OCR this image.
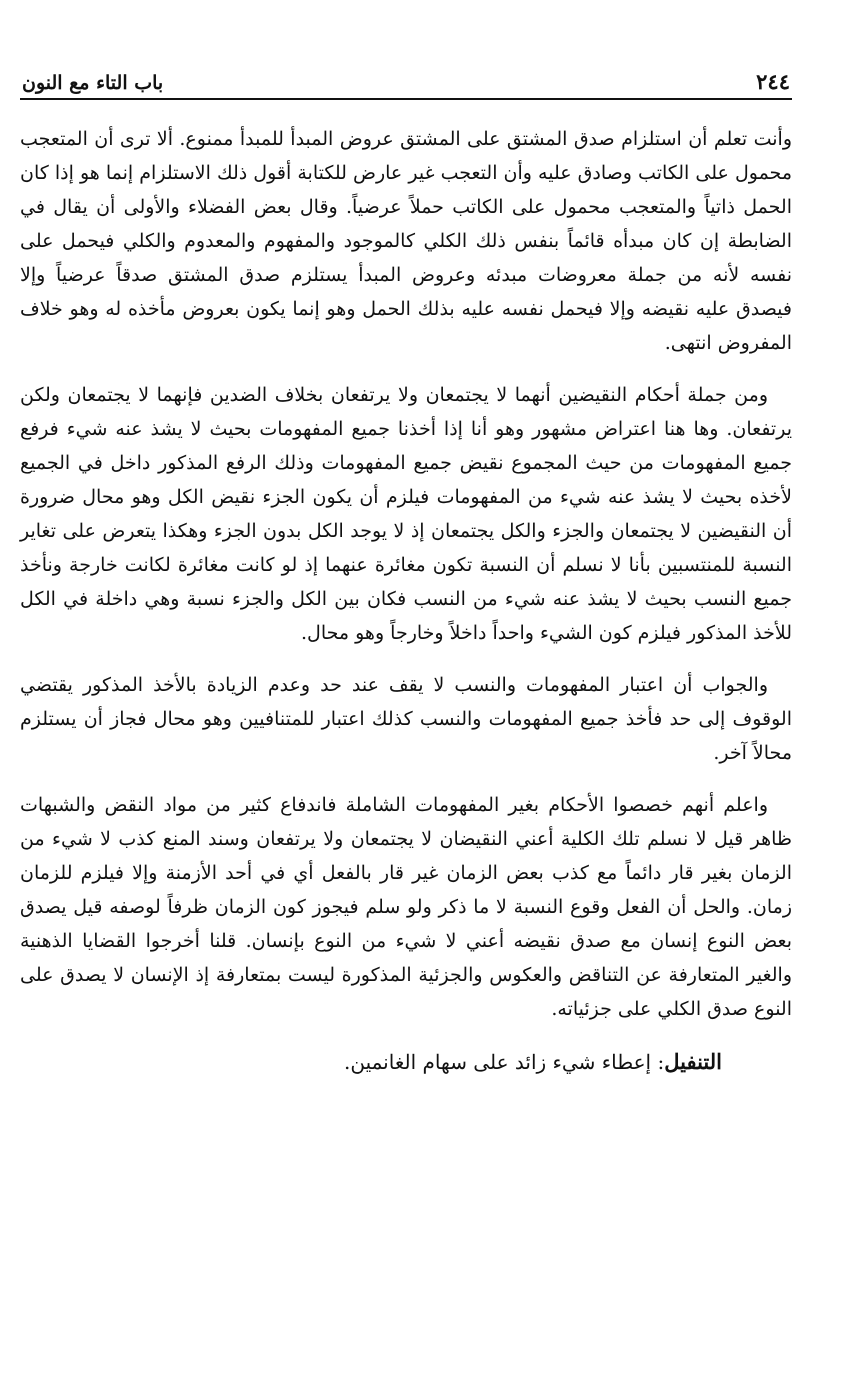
٢٤٤
باب التاء مع النون

وأنت تعلم أن استلزام صدق المشتق على المشتق عروض المبدأ للمبدأ ممنوع. ألا ترى أن المتعجب محمول على الكاتب وصادق عليه وأن التعجب غير عارض للكتابة أقول ذلك الاستلزام إنما هو إذا كان الحمل ذاتياً والمتعجب محمول على الكاتب حملاً عرضياً. وقال بعض الفضلاء والأولى أن يقال في الضابطة إن كان مبدأه قائماً بنفس ذلك الكلي كالموجود والمفهوم والمعدوم والكلي فيحمل على نفسه لأنه من جملة معروضات مبدئه وعروض المبدأ يستلزم صدق المشتق صدقاً عرضياً وإلا فيصدق عليه نقيضه وإلا فيحمل نفسه عليه بذلك الحمل وهو إنما يكون بعروض مأخذه له وهو خلاف المفروض انتهى.

ومن جملة أحكام النقيضين أنهما لا يجتمعان ولا يرتفعان بخلاف الضدين فإنهما لا يجتمعان ولكن يرتفعان. وها هنا اعتراض مشهور وهو أنا إذا أخذنا جميع المفهومات بحيث لا يشذ عنه شيء فرفع جميع المفهومات من حيث المجموع نقيض جميع المفهومات وذلك الرفع المذكور داخل في الجميع لأخذه بحيث لا يشذ عنه شيء من المفهومات فيلزم أن يكون الجزء نقيض الكل وهو محال ضرورة أن النقيضين لا يجتمعان والجزء والكل يجتمعان إذ لا يوجد الكل بدون الجزء وهكذا يتعرض على تغاير النسبة للمنتسبين بأنا لا نسلم أن النسبة تكون مغائرة عنهما إذ لو كانت مغائرة لكانت خارجة ونأخذ جميع النسب بحيث لا يشذ عنه شيء من النسب فكان بين الكل والجزء نسبة وهي داخلة في الكل للأخذ المذكور فيلزم كون الشيء واحداً داخلاً وخارجاً وهو محال.

والجواب أن اعتبار المفهومات والنسب لا يقف عند حد وعدم الزيادة بالأخذ المذكور يقتضي الوقوف إلى حد فأخذ جميع المفهومات والنسب كذلك اعتبار للمتنافيين وهو محال فجاز أن يستلزم محالاً آخر.

واعلم أنهم خصصوا الأحكام بغير المفهومات الشاملة فاندفاع كثير من مواد النقض والشبهات ظاهر قيل لا نسلم تلك الكلية أعني النقيضان لا يجتمعان ولا يرتفعان وسند المنع كذب لا شيء من الزمان بغير قار دائماً مع كذب بعض الزمان غير قار بالفعل أي في أحد الأزمنة وإلا فيلزم للزمان زمان. والحل أن الفعل وقوع النسبة لا ما ذكر ولو سلم فيجوز كون الزمان ظرفاً لوصفه قيل يصدق بعض النوع إنسان مع صدق نقيضه أعني لا شيء من النوع بإنسان. قلنا أخرجوا القضايا الذهنية والغير المتعارفة عن التناقض والعكوس والجزئية المذكورة ليست بمتعارفة إذ الإنسان لا يصدق على النوع صدق الكلي على جزئياته.

التنفيل: إعطاء شيء زائد على سهام الغانمين.
